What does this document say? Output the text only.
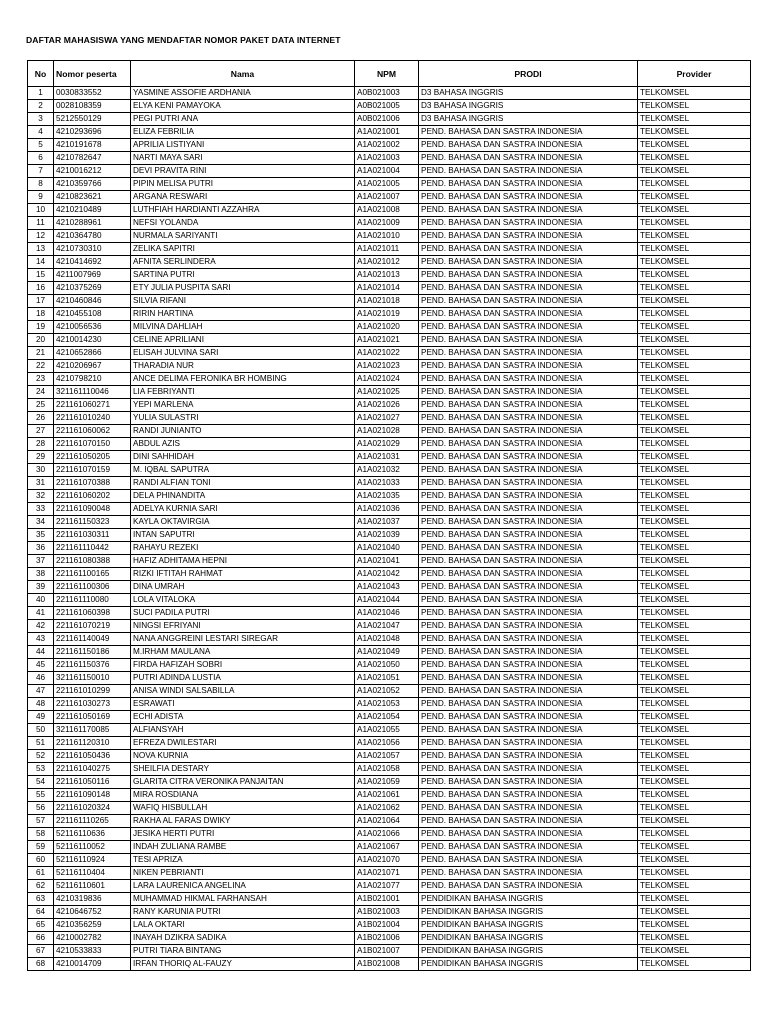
DAFTAR MAHASISWA YANG MENDAFTAR NOMOR PAKET DATA INTERNET
No	Nomor peserta	Nama	NPM	PRODI	Provider
1	0030833552	YASMINE ASSOFIE ARDHANIA	A0B021003	D3 BAHASA INGGRIS	TELKOMSEL
2	0028108359	ELYA KENI PAMAYOKA	A0B021005	D3 BAHASA INGGRIS	TELKOMSEL
3	5212550129	PEGI PUTRI ANA	A0B021006	D3 BAHASA INGGRIS	TELKOMSEL
4	4210293696	ELIZA FEBRILIA	A1A021001	PEND. BAHASA DAN SASTRA INDONESIA	TELKOMSEL
5	4210191678	APRILIA LISTIYANI	A1A021002	PEND. BAHASA DAN SASTRA INDONESIA	TELKOMSEL
6	4210782647	NARTI MAYA SARI	A1A021003	PEND. BAHASA DAN SASTRA INDONESIA	TELKOMSEL
7	4210016212	DEVI PRAVITA RINI	A1A021004	PEND. BAHASA DAN SASTRA INDONESIA	TELKOMSEL
8	4210359766	PIPIN MELISA PUTRI	A1A021005	PEND. BAHASA DAN SASTRA INDONESIA	TELKOMSEL
9	4210823621	ARGANA RESWARI	A1A021007	PEND. BAHASA DAN SASTRA INDONESIA	TELKOMSEL
10	4210210489	LUTHFIAH HARDIANTI AZZAHRA	A1A021008	PEND. BAHASA DAN SASTRA INDONESIA	TELKOMSEL
11	4210288961	NEFSI YOLANDA	A1A021009	PEND. BAHASA DAN SASTRA INDONESIA	TELKOMSEL
12	4210364780	NURMALA SARIYANTI	A1A021010	PEND. BAHASA DAN SASTRA INDONESIA	TELKOMSEL
13	4210730310	ZELIKA SAPITRI	A1A021011	PEND. BAHASA DAN SASTRA INDONESIA	TELKOMSEL
14	4210414692	AFNITA SERLINDERA	A1A021012	PEND. BAHASA DAN SASTRA INDONESIA	TELKOMSEL
15	4211007969	SARTINA PUTRI	A1A021013	PEND. BAHASA DAN SASTRA INDONESIA	TELKOMSEL
16	4210375269	ETY JULIA PUSPITA SARI	A1A021014	PEND. BAHASA DAN SASTRA INDONESIA	TELKOMSEL
17	4210460846	SILVIA RIFANI	A1A021018	PEND. BAHASA DAN SASTRA INDONESIA	TELKOMSEL
18	4210455108	RIRIN HARTINA	A1A021019	PEND. BAHASA DAN SASTRA INDONESIA	TELKOMSEL
19	4210056536	MILVINA DAHLIAH	A1A021020	PEND. BAHASA DAN SASTRA INDONESIA	TELKOMSEL
20	4210014230	CELINE APRILIANI	A1A021021	PEND. BAHASA DAN SASTRA INDONESIA	TELKOMSEL
21	4210652866	ELISAH JULVINA SARI	A1A021022	PEND. BAHASA DAN SASTRA INDONESIA	TELKOMSEL
22	4210206967	THARADIA NUR	A1A021023	PEND. BAHASA DAN SASTRA INDONESIA	TELKOMSEL
23	4210798210	ANCE DELIMA FERONIKA BR HOMBING	A1A021024	PEND. BAHASA DAN SASTRA INDONESIA	TELKOMSEL
24	321161110046	LIA FEBRIYANTI	A1A021025	PEND. BAHASA DAN SASTRA INDONESIA	TELKOMSEL
25	221161060271	YEPI MARLENA	A1A021026	PEND. BAHASA DAN SASTRA INDONESIA	TELKOMSEL
26	221161010240	YULIA SULASTRI	A1A021027	PEND. BAHASA DAN SASTRA INDONESIA	TELKOMSEL
27	221161060062	RANDI JUNIANTO	A1A021028	PEND. BAHASA DAN SASTRA INDONESIA	TELKOMSEL
28	221161070150	ABDUL AZIS	A1A021029	PEND. BAHASA DAN SASTRA INDONESIA	TELKOMSEL
29	221161050205	DINI SAHHIDAH	A1A021031	PEND. BAHASA DAN SASTRA INDONESIA	TELKOMSEL
30	221161070159	M. IQBAL SAPUTRA	A1A021032	PEND. BAHASA DAN SASTRA INDONESIA	TELKOMSEL
31	221161070388	RANDI ALFIAN TONI	A1A021033	PEND. BAHASA DAN SASTRA INDONESIA	TELKOMSEL
32	221161060202	DELA PHINANDITA	A1A021035	PEND. BAHASA DAN SASTRA INDONESIA	TELKOMSEL
33	221161090048	ADELYA KURNIA SARI	A1A021036	PEND. BAHASA DAN SASTRA INDONESIA	TELKOMSEL
34	221161150323	KAYLA OKTAVIRGIA	A1A021037	PEND. BAHASA DAN SASTRA INDONESIA	TELKOMSEL
35	221161030311	INTAN SAPUTRI	A1A021039	PEND. BAHASA DAN SASTRA INDONESIA	TELKOMSEL
36	221161110442	RAHAYU REZEKI	A1A021040	PEND. BAHASA DAN SASTRA INDONESIA	TELKOMSEL
37	221161080388	HAFIZ ADHITAMA HEPNI	A1A021041	PEND. BAHASA DAN SASTRA INDONESIA	TELKOMSEL
38	221161100165	RIZKI IFTITAH RAHMAT	A1A021042	PEND. BAHASA DAN SASTRA INDONESIA	TELKOMSEL
39	221161100306	DINA UMRAH	A1A021043	PEND. BAHASA DAN SASTRA INDONESIA	TELKOMSEL
40	221161110080	LOLA VITALOKA	A1A021044	PEND. BAHASA DAN SASTRA INDONESIA	TELKOMSEL
41	221161060398	SUCI PADILA PUTRI	A1A021046	PEND. BAHASA DAN SASTRA INDONESIA	TELKOMSEL
42	221161070219	NINGSI EFRIYANI	A1A021047	PEND. BAHASA DAN SASTRA INDONESIA	TELKOMSEL
43	221161140049	NANA ANGGREINI LESTARI SIREGAR	A1A021048	PEND. BAHASA DAN SASTRA INDONESIA	TELKOMSEL
44	221161150186	M.IRHAM MAULANA	A1A021049	PEND. BAHASA DAN SASTRA INDONESIA	TELKOMSEL
45	221161150376	FIRDA HAFIZAH SOBRI	A1A021050	PEND. BAHASA DAN SASTRA INDONESIA	TELKOMSEL
46	321161150010	PUTRI ADINDA LUSTIA	A1A021051	PEND. BAHASA DAN SASTRA INDONESIA	TELKOMSEL
47	221161010299	ANISA WINDI SALSABILLA	A1A021052	PEND. BAHASA DAN SASTRA INDONESIA	TELKOMSEL
48	221161030273	ESRAWATI	A1A021053	PEND. BAHASA DAN SASTRA INDONESIA	TELKOMSEL
49	221161050169	ECHI ADISTA	A1A021054	PEND. BAHASA DAN SASTRA INDONESIA	TELKOMSEL
50	321161170085	ALFIANSYAH	A1A021055	PEND. BAHASA DAN SASTRA INDONESIA	TELKOMSEL
51	221161120310	EFREZA DWILESTARI	A1A021056	PEND. BAHASA DAN SASTRA INDONESIA	TELKOMSEL
52	221161050436	NOVA KURNIA	A1A021057	PEND. BAHASA DAN SASTRA INDONESIA	TELKOMSEL
53	221161040275	SHEILFIA DESTARY	A1A021058	PEND. BAHASA DAN SASTRA INDONESIA	TELKOMSEL
54	221161050116	GLARITA CITRA VERONIKA PANJAITAN	A1A021059	PEND. BAHASA DAN SASTRA INDONESIA	TELKOMSEL
55	221161090148	MIRA ROSDIANA	A1A021061	PEND. BAHASA DAN SASTRA INDONESIA	TELKOMSEL
56	221161020324	WAFIQ HISBULLAH	A1A021062	PEND. BAHASA DAN SASTRA INDONESIA	TELKOMSEL
57	221161110265	RAKHA AL FARAS DWIKY	A1A021064	PEND. BAHASA DAN SASTRA INDONESIA	TELKOMSEL
58	52116110636	JESIKA HERTI PUTRI	A1A021066	PEND. BAHASA DAN SASTRA INDONESIA	TELKOMSEL
59	52116110052	INDAH ZULIANA RAMBE	A1A021067	PEND. BAHASA DAN SASTRA INDONESIA	TELKOMSEL
60	52116110924	TESI APRIZA	A1A021070	PEND. BAHASA DAN SASTRA INDONESIA	TELKOMSEL
61	52116110404	NIKEN PEBRIANTI	A1A021071	PEND. BAHASA DAN SASTRA INDONESIA	TELKOMSEL
62	52116110601	LARA LAURENICA ANGELINA	A1A021077	PEND. BAHASA DAN SASTRA INDONESIA	TELKOMSEL
63	4210319836	MUHAMMAD HIKMAL FARHANSAH	A1B021001	PENDIDIKAN BAHASA INGGRIS	TELKOMSEL
64	4210646752	RANY KARUNIA PUTRI	A1B021003	PENDIDIKAN BAHASA INGGRIS	TELKOMSEL
65	4210356259	LALA OKTARI	A1B021004	PENDIDIKAN BAHASA INGGRIS	TELKOMSEL
66	4210002782	INAYAH DZIKRA SADIKA	A1B021006	PENDIDIKAN BAHASA INGGRIS	TELKOMSEL
67	4210533833	PUTRI TIARA BINTANG	A1B021007	PENDIDIKAN BAHASA INGGRIS	TELKOMSEL
68	4210014709	IRFAN THORIQ AL-FAUZY	A1B021008	PENDIDIKAN BAHASA INGGRIS	TELKOMSEL
